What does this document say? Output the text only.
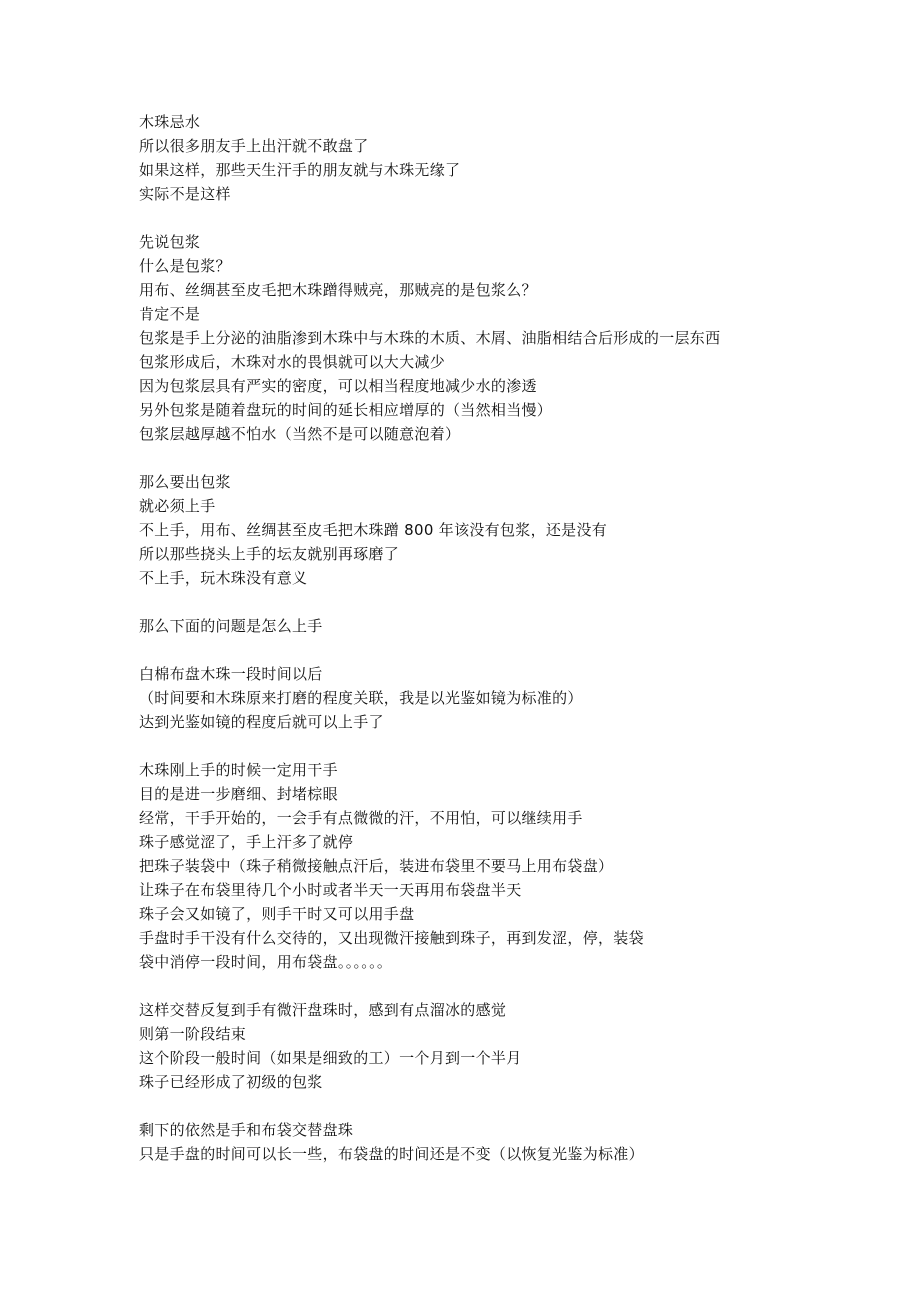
木珠忌水
所以很多朋友手上出汗就不敢盘了
如果这样，那些天生汗手的朋友就与木珠无缘了
实际不是这样
先说包浆
什么是包浆？
用布、丝绸甚至皮毛把木珠蹭得贼亮，那贼亮的是包浆么？
肯定不是
包浆是手上分泌的油脂渗到木珠中与木珠的木质、木屑、油脂相结合后形成的一层东西
包浆形成后，木珠对水的畏惧就可以大大减少
因为包浆层具有严实的密度，可以相当程度地减少水的渗透
另外包浆是随着盘玩的时间的延长相应增厚的（当然相当慢）
包浆层越厚越不怕水（当然不是可以随意泡着）
那么要出包浆
就必须上手
不上手，用布、丝绸甚至皮毛把木珠蹭 800 年该没有包浆，还是没有
所以那些挠头上手的坛友就别再琢磨了
不上手，玩木珠没有意义
那么下面的问题是怎么上手
白棉布盘木珠一段时间以后
（时间要和木珠原来打磨的程度关联，我是以光鉴如镜为标准的）
达到光鉴如镜的程度后就可以上手了
木珠刚上手的时候一定用干手
目的是进一步磨细、封堵棕眼
经常，干手开始的，一会手有点微微的汗，不用怕，可以继续用手
珠子感觉涩了，手上汗多了就停
把珠子装袋中（珠子稍微接触点汗后，装进布袋里不要马上用布袋盘）
让珠子在布袋里待几个小时或者半天一天再用布袋盘半天
珠子会又如镜了，则手干时又可以用手盘
手盘时手干没有什么交待的，又出现微汗接触到珠子，再到发涩，停，装袋
袋中消停一段时间，用布袋盘。。。。。。
这样交替反复到手有微汗盘珠时，感到有点溜冰的感觉
则第一阶段结束
这个阶段一般时间（如果是细致的工）一个月到一个半月
珠子已经形成了初级的包浆
剩下的依然是手和布袋交替盘珠
只是手盘的时间可以长一些，布袋盘的时间还是不变（以恢复光鉴为标准）
